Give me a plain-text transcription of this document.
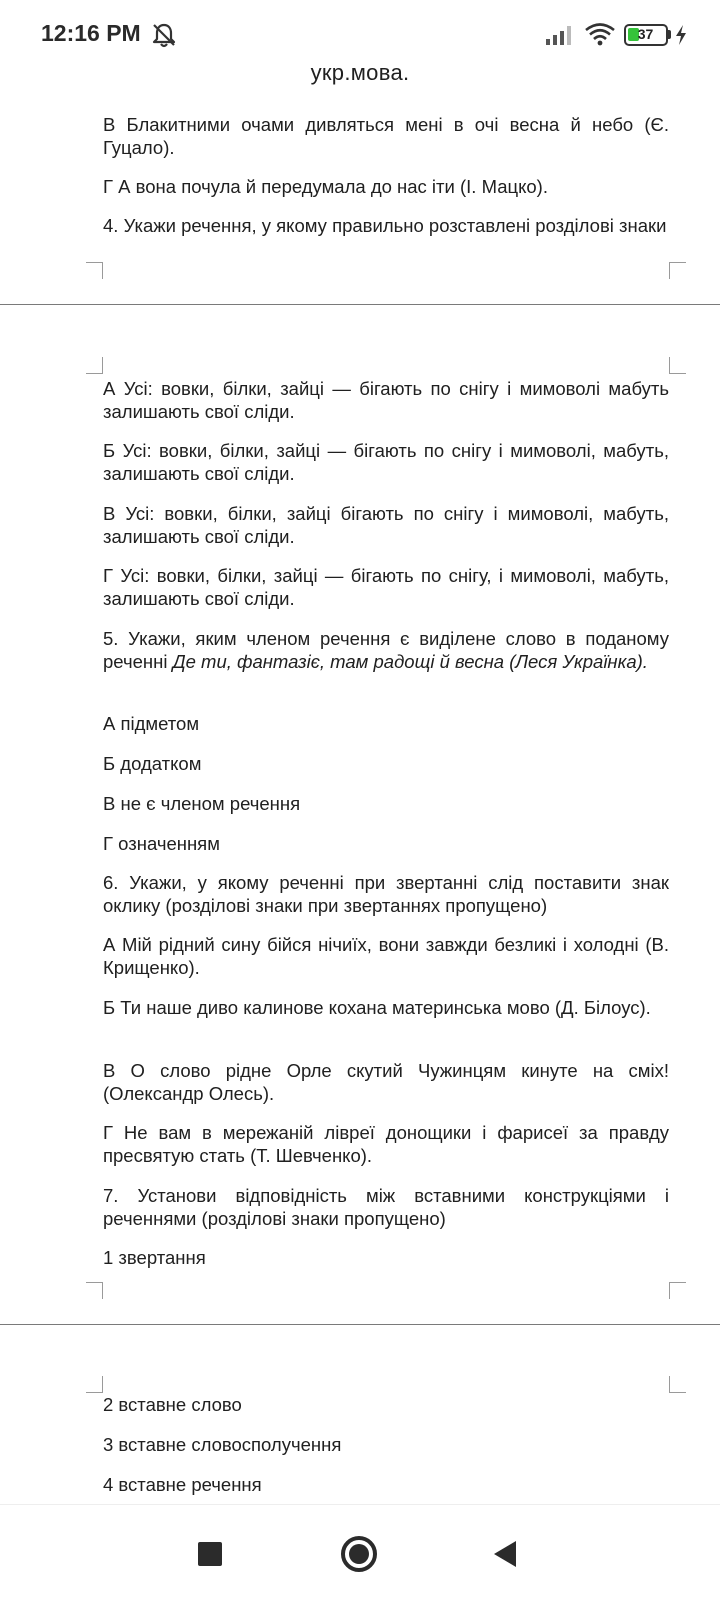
12:16 PM	37
укр.мова.
В Блакитними очами дивляться мені в очі весна й небо (Є. Гуцало).
Г А вона почула й передумала до нас іти (І. Мацко).
4. Укажи речення, у якому правильно розставлені розділові знаки
А Усі: вовки, білки, зайці — бігають по снігу і мимоволі мабуть залишають свої сліди.
Б Усі: вовки, білки, зайці — бігають по снігу і мимоволі, мабуть, залишають свої сліди.
В Усі: вовки, білки, зайці бігають по снігу і мимоволі, мабуть, залишають свої сліди.
Г Усі: вовки, білки, зайці — бігають по снігу, і мимоволі, мабуть, залишають свої сліди.
5. Укажи, яким членом речення є виділене слово в поданому реченні Де ти, фантазіє, там радощі й весна (Леся Українка).
А підметом
Б додатком
В не є членом речення
Г означенням
6. Укажи, у якому реченні при звертанні слід поставити знак оклику (розділові знаки при звертаннях пропущено)
А Мій рідний сину бійся нічиїх, вони завжди безликі і холодні (В. Крищенко).
Б Ти наше диво калинове кохана материнська мово (Д. Білоус).
В О слово рідне Орле скутий Чужинцям кинуте на сміх! (Олександр Олесь).
Г Не вам в мережаній лівреї донощики і фарисеї за правду пресвятую стать (Т. Шевченко).
7. Установи відповідність між вставними конструкціями і реченнями (розділові знаки пропущено)
1 звертання
2 вставне слово
3 вставне словосполучення
4 вставне речення
